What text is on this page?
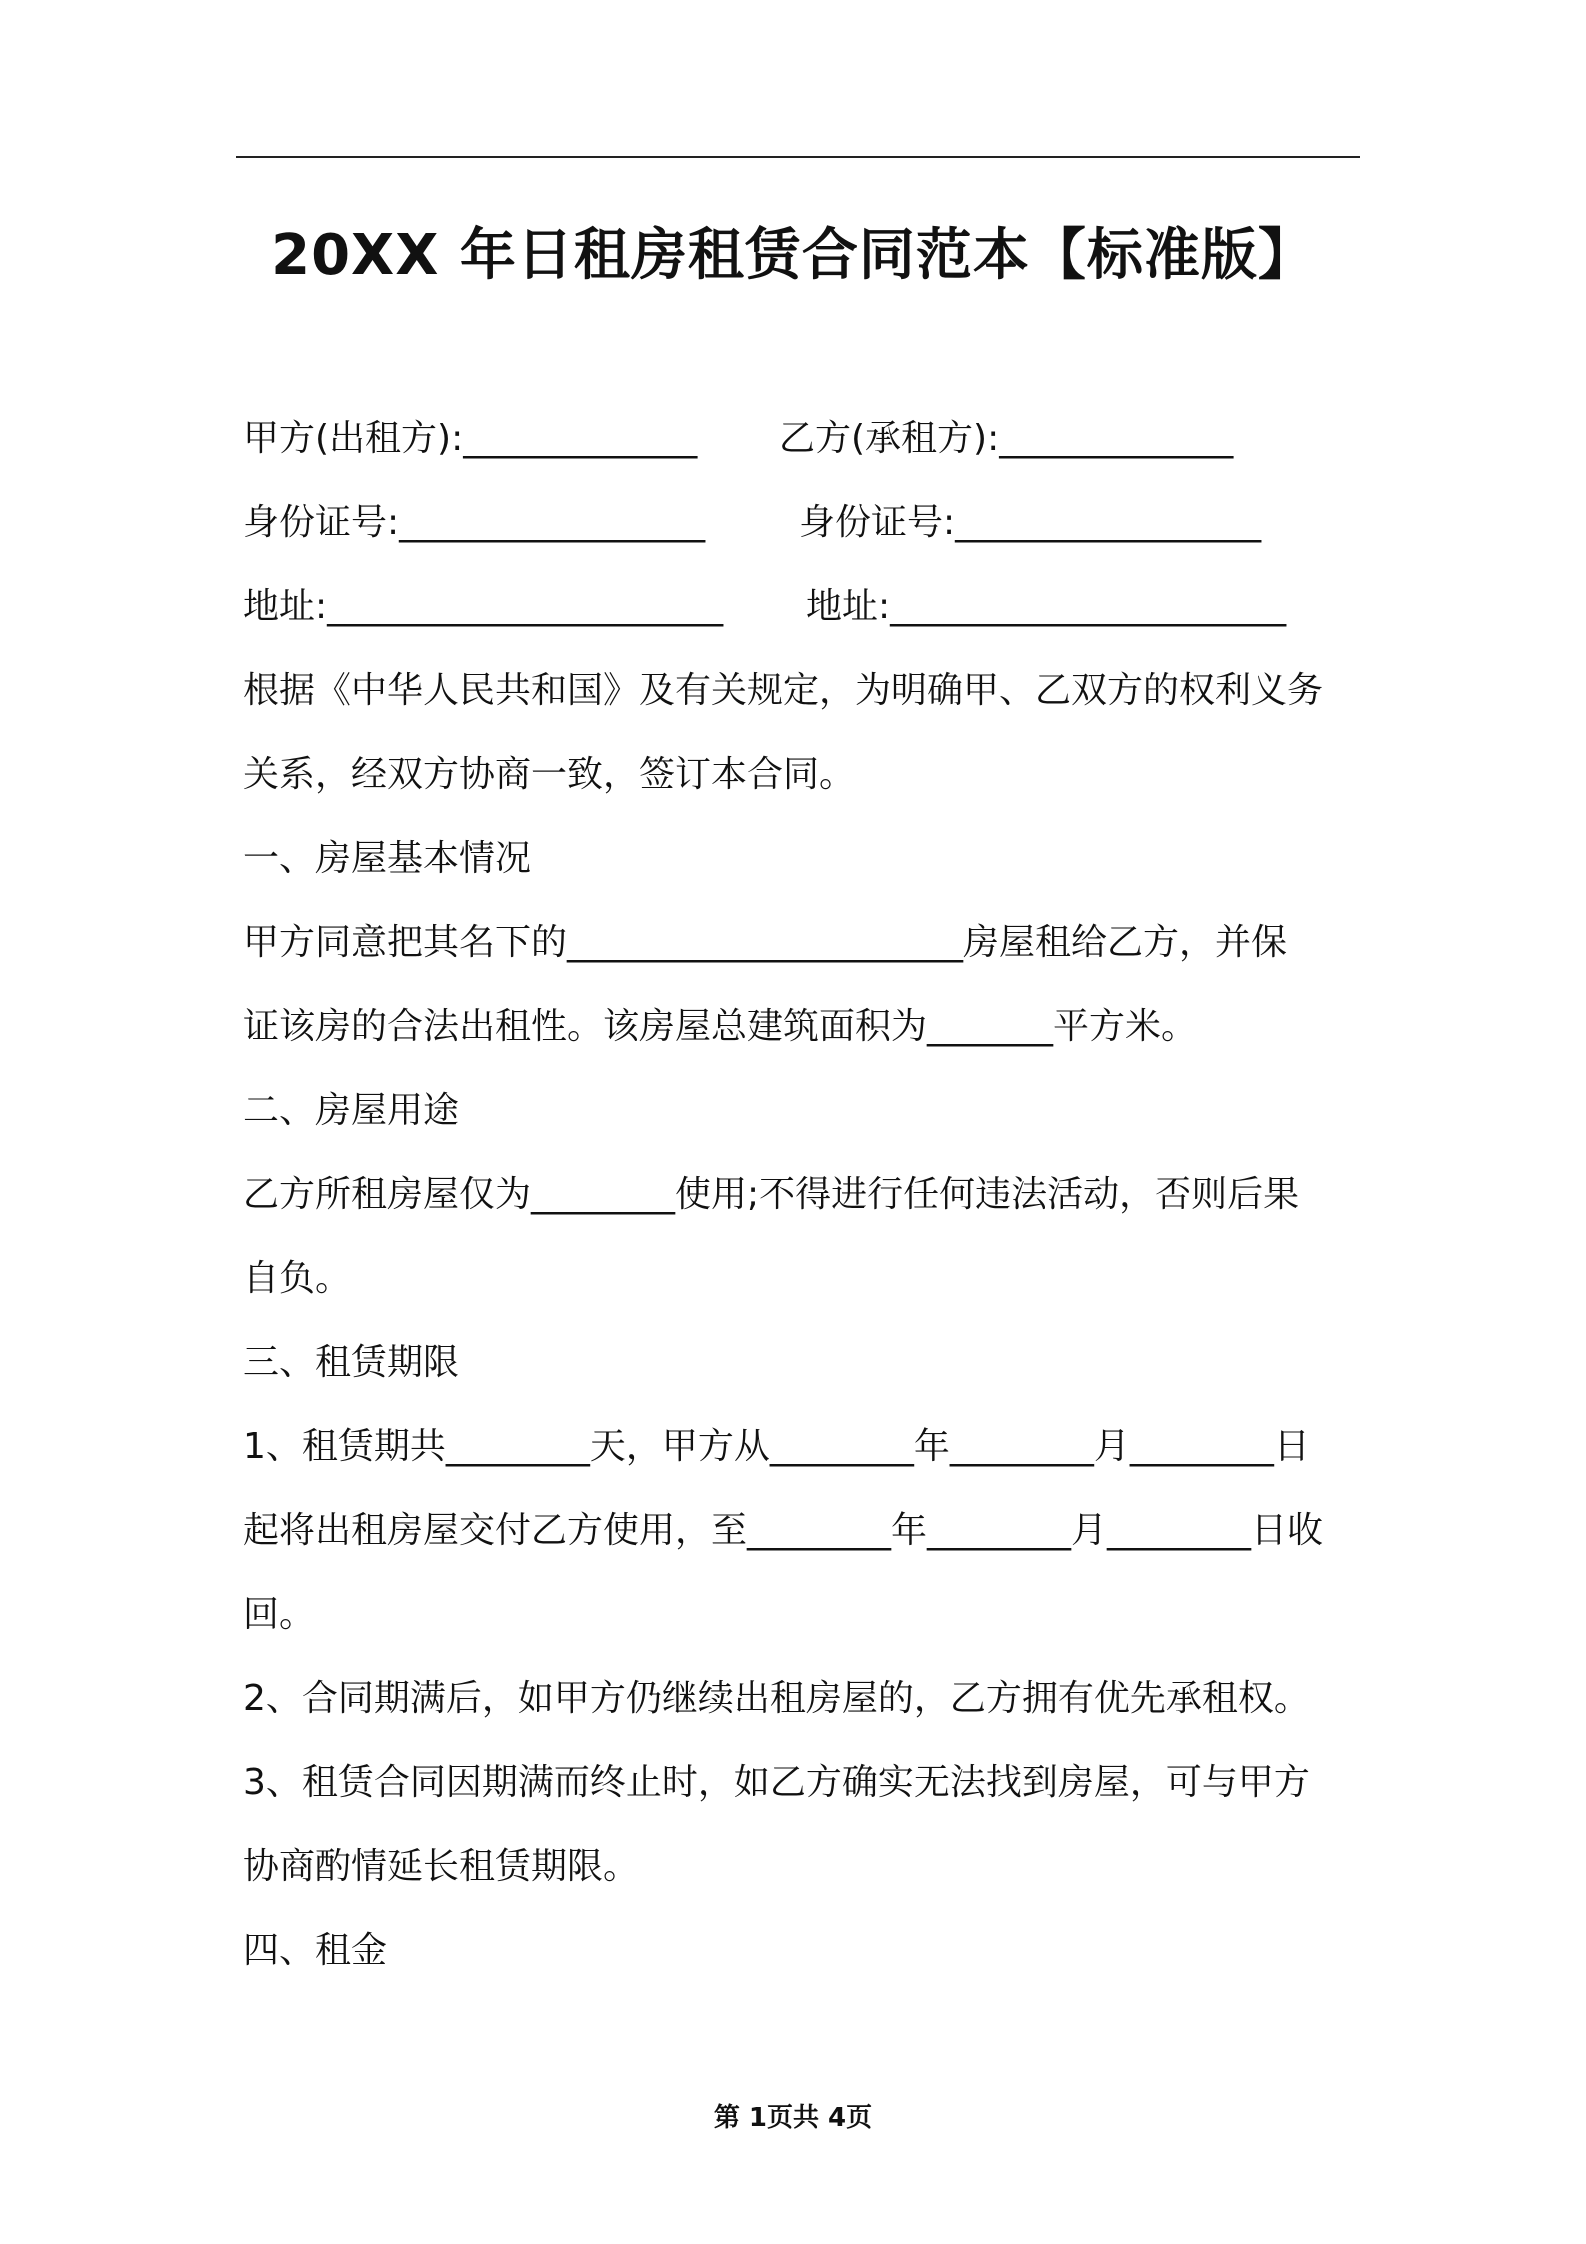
20XX 年日租房租赁合同范本【标准版】
甲方(出租方):_____________ 乙方(承租方):_____________
身份证号:_________________	身份证号:_________________
地址:______________________ 地址:______________________
根据《中华人民共和国》及有关规定，为明确甲、乙双方的权利义务
关系，经双方协商一致，签订本合同。
一、房屋基本情况
甲方同意把其名下的______________________房屋租给乙方，并保
证该房的合法出租性。该房屋总建筑面积为_______平方米。
二、房屋用途
乙方所租房屋仅为________使用;不得进行任何违法活动，否则后果
自负。
三、租赁期限
1、租赁期共________天，甲方从________年________月________日
起将出租房屋交付乙方使用，至________年________月________日收
回。
2、合同期满后，如甲方仍继续出租房屋的，乙方拥有优先承租权。
3、租赁合同因期满而终止时，如乙方确实无法找到房屋，可与甲方
协商酌情延长租赁期限。
四、租金
第 1页共 4页
